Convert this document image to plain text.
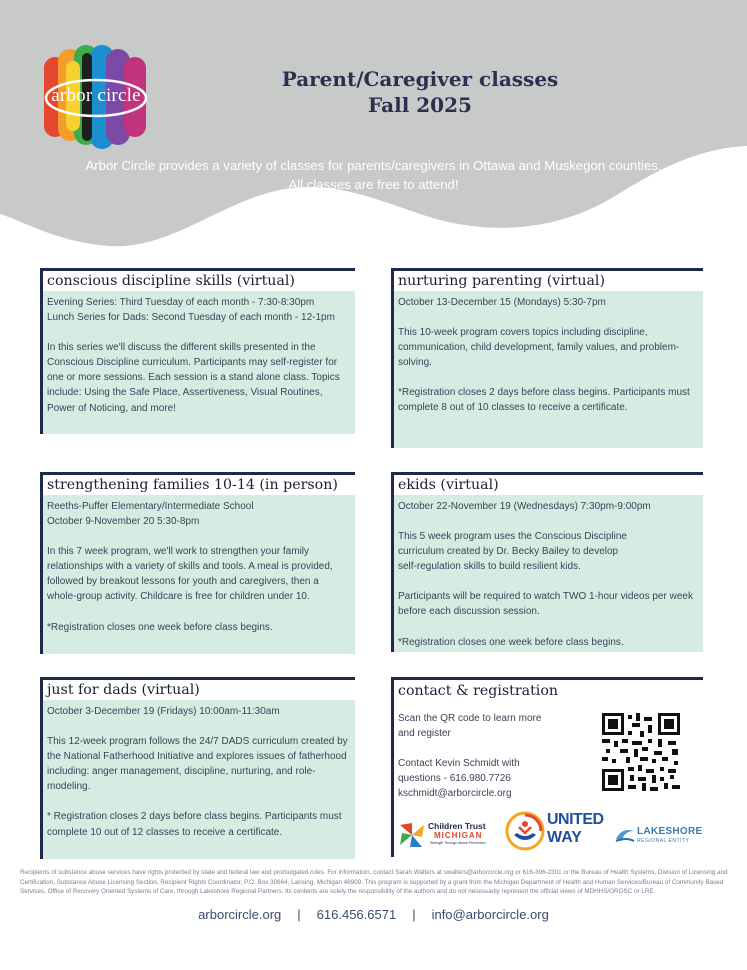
arbor circle
Parent/Caregiver classes
Fall 2025
Arbor Circle provides a variety of classes for parents/caregivers in Ottawa and Muskegon counties.
All classes are free to attend!
conscious discipline skills (virtual)

Evening Series: Third Tuesday of each month - 7:30-8:30pm

Lunch Series for Dads: Second Tuesday of each month - 12-1pm

In this series we'll discuss the different skills presented in the Conscious Discipline curriculum. Participants may self-register for one or more sessions. Each session is a stand alone class. Topics include: Using the Safe Place, Assertiveness, Visual Routines, Power of Noticing, and more!

nurturing parenting (virtual)

October 13-December 15 (Mondays) 5:30-7pm

This 10-week program covers topics including discipline, communication, child development, family values, and problem-solving.

*Registration closes 2 days before class begins. Participants must complete 8 out of 10 classes to receive a certificate.

strengthening families 10-14 (in person)

Reeths-Puffer Elementary/Intermediate School

October 9-November 20 5:30-8pm

In this 7 week program, we'll work to strengthen your family relationships with a variety of skills and tools. A meal is provided, followed by breakout lessons for youth and caregivers, then a whole-group activity. Childcare is free for children under 10.

*Registration closes one week before class begins.

ekids (virtual)

October 22-November 19 (Wednesdays) 7:30pm-9:00pm

This 5 week program uses the Conscious Discipline
curriculum created by Dr. Becky Bailey to develop
self-regulation skills to build resilient kids.

Participants will be required to watch TWO 1-hour videos per week before each discussion session.

*Registration closes one week before class begins.

just for dads (virtual)

October 3-December 19 (Fridays) 10:00am-11:30am

This 12-week program follows the 24/7 DADS curriculum created by the National Fatherhood Initiative and explores issues of fatherhood including: anger management, discipline, nurturing, and role-modeling.

* Registration closes 2 days before class begins. Participants must complete 10 out of 12 classes to receive a certificate.

contact & registration
Scan the QR code to learn more
and register
Contact Kevin Schmidt with
questions - 616.980.7726
kschmidt@arborcircle.org
Children Trust
MICHIGAN
Strength Through Abuse Prevention
UNITED
WAY	LAKESHORE
REGIONAL ENTITY
Recipients of substance abuse services have rights protected by state and federal law and promulgated rules. For information, contact Sarah Walters at swalters@arborcircle.org or 616-396-2301 or the Bureau of Health Systems, Division of Licensing and Certification, Substance Abuse Licensing Section, Recipient Rights Coordinator, P.O. Box 30664, Lansing, Michigan 48909. This program is supported by a grant from the Michigan Department of Health and Human Services/Bureau of Community Based Services, Office of Recovery Oriented Systems of Care, through Lakeshore Regional Partners. Its contents are solely the responsibility of the authors and do not necessarily represent the official views of MDHHS/OROSC or LRE.
arborcircle.org | 616.456.6571 | info@arborcircle.org
